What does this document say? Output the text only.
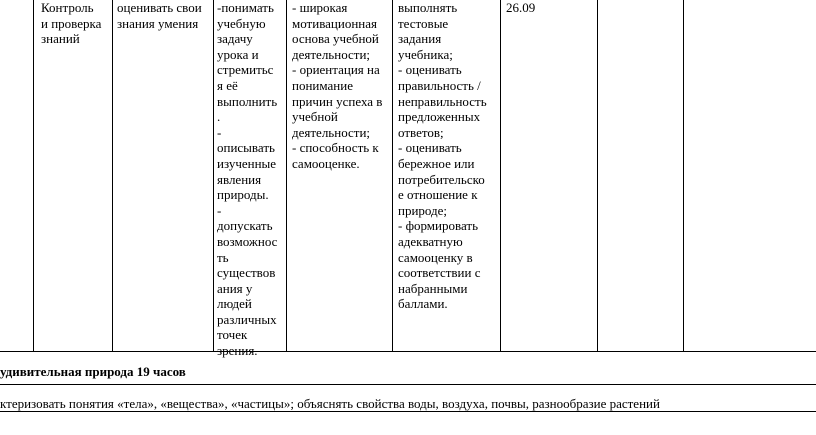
Контроль
и проверка
знаний
оценивать свои
знания умения
-понимать
учебную
задачу
урока и
стремитьс
я её
выполнить
.
-
описывать
изученные
явления
природы.
-
допускать
возможнос
ть
существов
ания у
людей
различных
точек
зрения.
- широкая
мотивационная
основа учебной
деятельности;
- ориентация на
понимание
причин успеха в
учебной
деятельности;
- способность к
самооценке.
выполнять
тестовые
задания
учебника;
- оценивать
правильность /
неправильность
предложенных
ответов;
- оценивать
бережное или
потребительско
е отношение к
природе;
- формировать
адекватную
самооценку в
соответствии с
набранными
баллами.
26.09
удивительная природа 19 часов
ктеризовать понятия «тела», «вещества», «частицы»; объяснять свойства воды, воздуха, почвы, разнообразие растений
